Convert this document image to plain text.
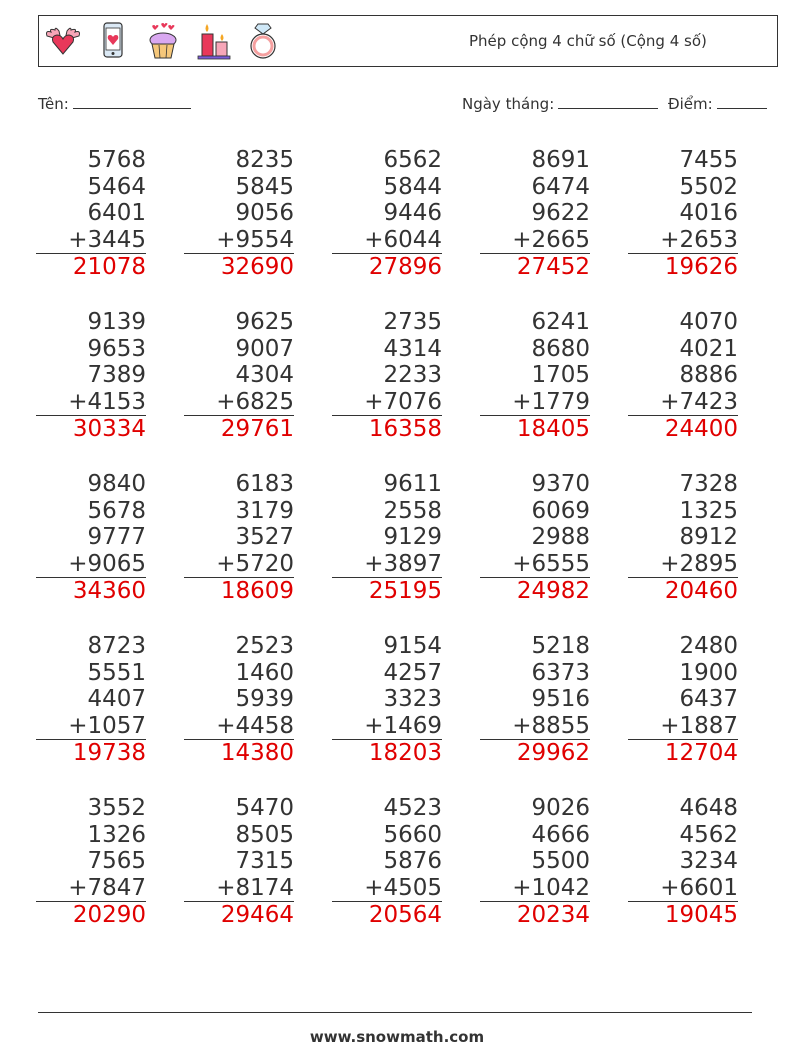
Phép cộng 4 chữ số (Cộng 4 số)
Tên:	Ngày tháng:	Điểm:
5768
5464
6401
+3445
21078
8235
5845
9056
+9554
32690
6562
5844
9446
+6044
27896
8691
6474
9622
+2665
27452
7455
5502
4016
+2653
19626
9139
9653
7389
+4153
30334
9625
9007
4304
+6825
29761
2735
4314
2233
+7076
16358
6241
8680
1705
+1779
18405
4070
4021
8886
+7423
24400
9840
5678
9777
+9065
34360
6183
3179
3527
+5720
18609
9611
2558
9129
+3897
25195
9370
6069
2988
+6555
24982
7328
1325
8912
+2895
20460
8723
5551
4407
+1057
19738
2523
1460
5939
+4458
14380
9154
4257
3323
+1469
18203
5218
6373
9516
+8855
29962
2480
1900
6437
+1887
12704
3552
1326
7565
+7847
20290
5470
8505
7315
+8174
29464
4523
5660
5876
+4505
20564
9026
4666
5500
+1042
20234
4648
4562
3234
+6601
19045
www.snowmath.com
